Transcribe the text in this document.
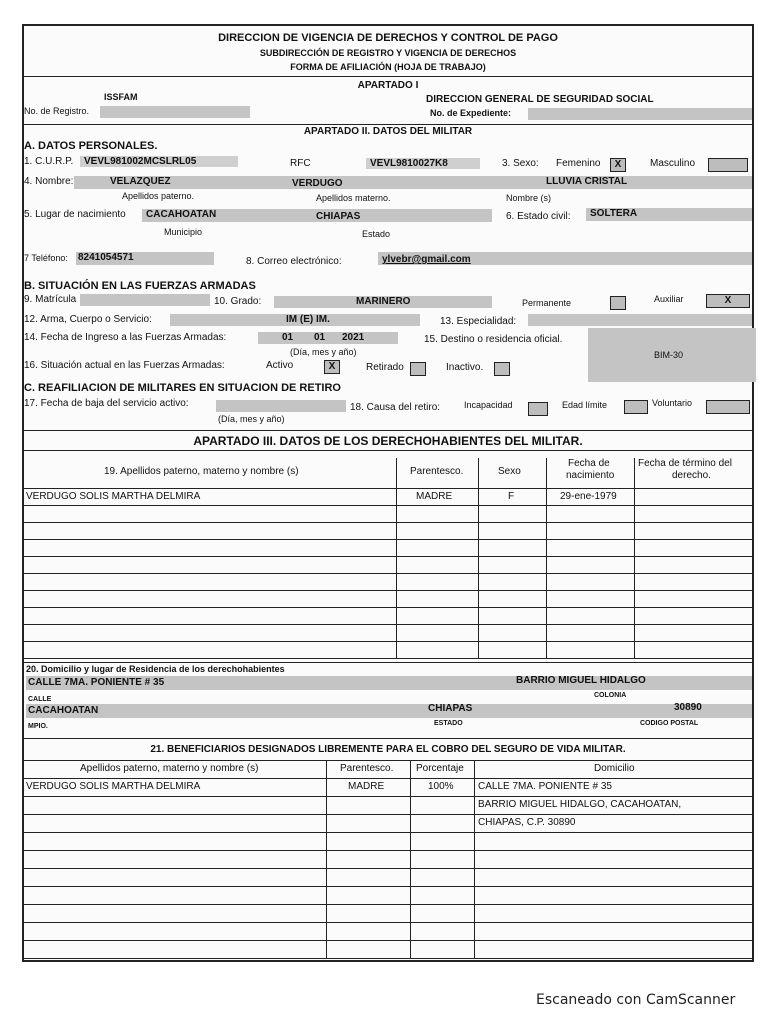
DIRECCION DE VIGENCIA DE DERECHOS Y CONTROL DE PAGO
SUBDIRECCIÓN DE REGISTRO Y VIGENCIA DE DERECHOS
FORMA DE AFILIACIÓN (HOJA DE TRABAJO)
APARTADO I
ISSFAM
No. de Registro.
DIRECCION GENERAL DE SEGURIDAD SOCIAL
No. de Expediente:
APARTADO II. DATOS DEL MILITAR
A. DATOS PERSONALES.
1. C.U.R.P.	VEVL981002MCSLRL05	RFC	VEVL9810027K8	3. Sexo: Femenino	X	Masculino
4. Nombre:	VELAZQUEZ	VERDUGO	LLUVIA CRISTAL
Apellidos paterno.	Apellidos materno.	Nombre (s)
5. Lugar de nacimiento CACAHOATAN	CHIAPAS	6. Estado civil: SOLTERA
Municipio	Estado
7 Teléfono: 8241054571	8. Correo electrónico:	ylvebr@gmail.com
B. SITUACIÓN EN LAS FUERZAS ARMADAS
9. Matrícula	10. Grado:	MARINERO	Permanente	Auxiliar	X
12. Arma, Cuerpo o Servicio:	IM (E) IM.	13. Especialidad:
14. Fecha de Ingreso a las Fuerzas Armadas:	01 01 2021
(Día, mes y año)
15. Destino o residencia oficial.
BIM-30
16. Situación actual en las Fuerzas Armadas:	Activo	X	Retirado	Inactivo.
C. REAFILIACION DE MILITARES EN SITUACION DE RETIRO
17. Fecha de baja del servicio activo:
(Día, mes y año)
18. Causa del retiro:	Incapacidad	Edad límite	Voluntario
APARTADO III. DATOS DE LOS DERECHOHABIENTES DEL MILITAR.
20. Domicilio y lugar de Residencia de los derechohabientes
CALLE 7MA. PONIENTE # 35	BARRIO MIGUEL HIDALGO
CALLE
COLONIA
CACAHOATAN	CHIAPAS	30890
MPIO.	ESTADO	CODIGO POSTAL
21. BENEFICIARIOS DESIGNADOS LIBREMENTE PARA EL COBRO DEL SEGURO DE VIDA MILITAR.
19. Apellidos paterno, materno y nombre (s)	Parentesco.	Sexo
Fecha de
nacimiento
Fecha de término del
derecho.
VERDUGO SOLIS MARTHA DELMIRA	MADRE	F	29-ene-1979
Apellidos paterno, materno y nombre (s)	Parentesco. Porcentaje	Domicilio
VERDUGO SOLIS MARTHA DELMIRA	MADRE	100% CALLE 7MA. PONIENTE # 35
BARRIO MIGUEL HIDALGO, CACAHOATAN,
CHIAPAS, C.P. 30890
Escaneado con CamScanner
